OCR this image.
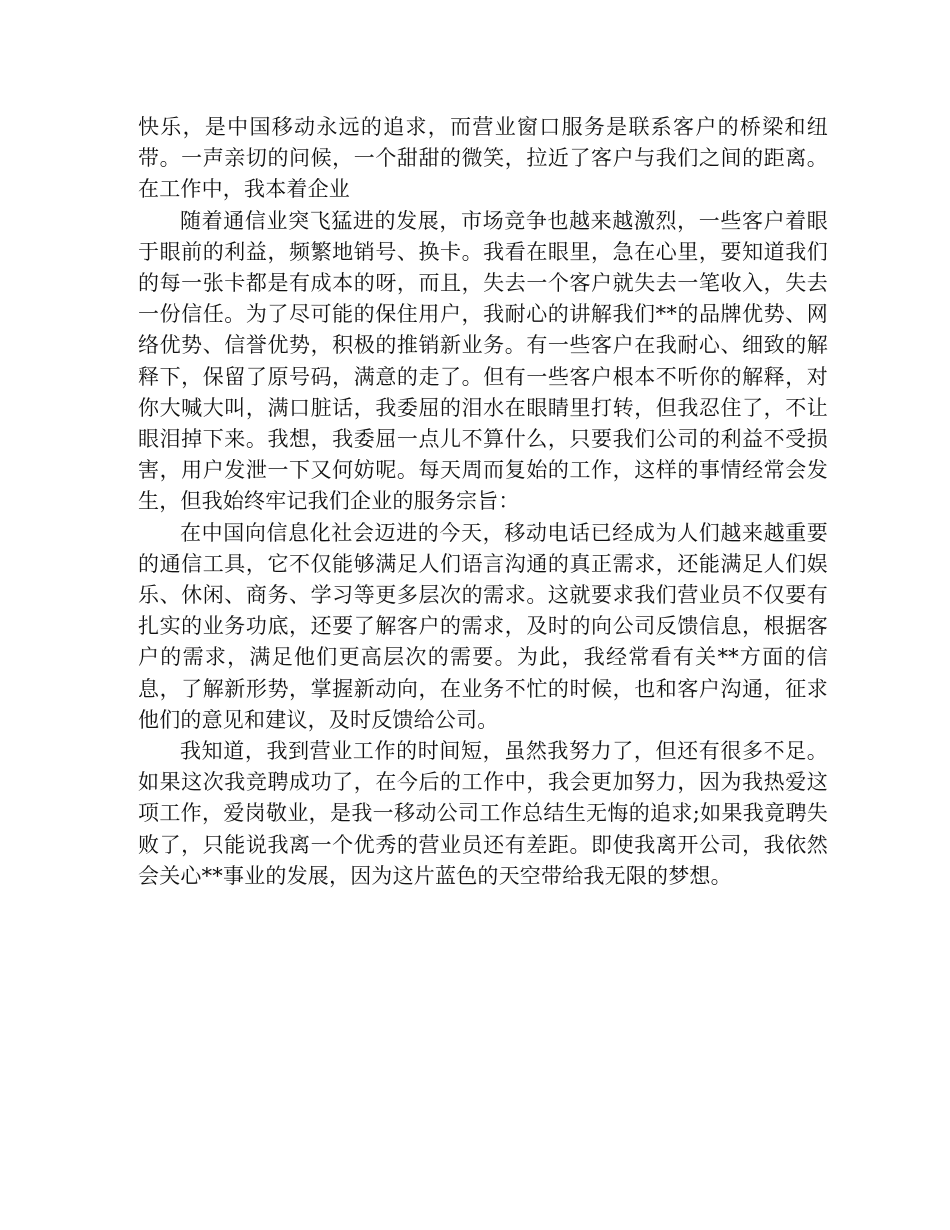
快乐，是中国移动永远的追求，而营业窗口服务是联系客户的桥梁和纽带。一声亲切的问候，一个甜甜的微笑，拉近了客户与我们之间的距离。在工作中，我本着企业

随着通信业突飞猛进的发展，市场竞争也越来越激烈，一些客户着眼于眼前的利益，频繁地销号、换卡。我看在眼里，急在心里，要知道我们的每一张卡都是有成本的呀，而且，失去一个客户就失去一笔收入，失去一份信任。为了尽可能的保住用户，我耐心的讲解我们**的品牌优势、网络优势、信誉优势，积极的推销新业务。有一些客户在我耐心、细致的解释下，保留了原号码，满意的走了。但有一些客户根本不听你的解释，对你大喊大叫，满口脏话，我委屈的泪水在眼睛里打转，但我忍住了，不让眼泪掉下来。我想，我委屈一点儿不算什么，只要我们公司的利益不受损害，用户发泄一下又何妨呢。每天周而复始的工作，这样的事情经常会发生，但我始终牢记我们企业的服务宗旨：

在中国向信息化社会迈进的今天，移动电话已经成为人们越来越重要的通信工具，它不仅能够满足人们语言沟通的真正需求，还能满足人们娱乐、休闲、商务、学习等更多层次的需求。这就要求我们营业员不仅要有扎实的业务功底，还要了解客户的需求，及时的向公司反馈信息，根据客户的需求，满足他们更高层次的需要。为此，我经常看有关**方面的信息，了解新形势，掌握新动向，在业务不忙的时候，也和客户沟通，征求他们的意见和建议，及时反馈给公司。

我知道，我到营业工作的时间短，虽然我努力了，但还有很多不足。如果这次我竞聘成功了，在今后的工作中，我会更加努力，因为我热爱这项工作，爱岗敬业，是我一移动公司工作总结生无悔的追求;如果我竟聘失败了，只能说我离一个优秀的营业员还有差距。即使我离开公司，我依然会关心**事业的发展，因为这片蓝色的天空带给我无限的梦想。
